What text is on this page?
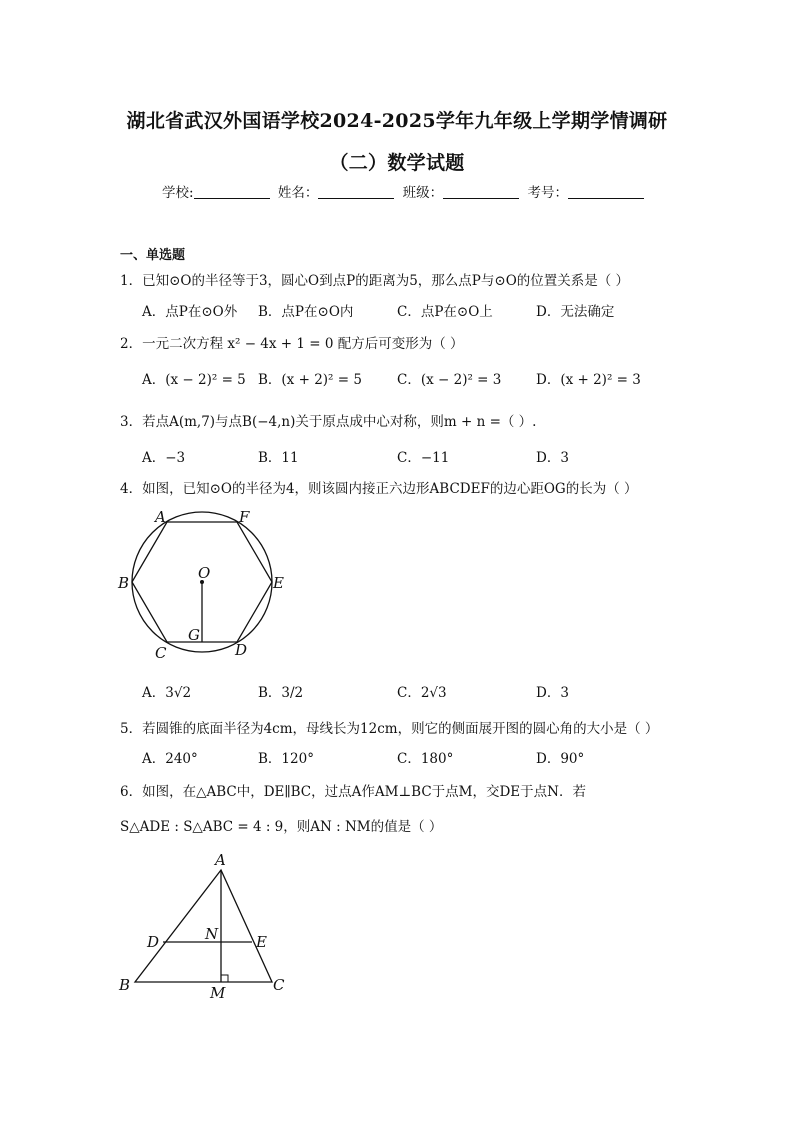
湖北省武汉外国语学校2024-2025学年九年级上学期学情调研
（二）数学试题
学校:	姓名：	班级：	考号：
一、单选题
1．已知⊙O的半径等于3，圆心O到点P的距离为5，那么点P与⊙O的位置关系是（ ）
A．点P在⊙O外 B．点P在⊙O内	C．点P在⊙O上	D．无法确定
2．一元二次方程 x² − 4x + 1 = 0 配方后可变形为（ ）
A．(x − 2)² = 5 B．(x + 2)² = 5	C．(x − 2)² = 3	D．(x + 2)² = 3
3．若点A(m,7)与点B(−4,n)关于原点成中心对称，则m + n =（ ）.
A．−3	B．11	C．−11	D．3
4．如图，已知⊙O的半径为4，则该圆内接正六边形ABCDEF的边心距OG的长为（ ）
A	F
B
O
E
G
C	D
A．3√2	B．3/2	C．2√3	D．3
5．若圆锥的底面半径为4cm，母线长为12cm，则它的侧面展开图的圆心角的大小是（ ）
A．240°	B．120°	C．180°	D．90°
6．如图，在△ABC中，DE∥BC，过点A作AM⊥BC于点M，交DE于点N．若
S△ADE : S△ABC = 4 : 9，则AN : NM的值是（ ）
A
D	N	E
B	M	C
